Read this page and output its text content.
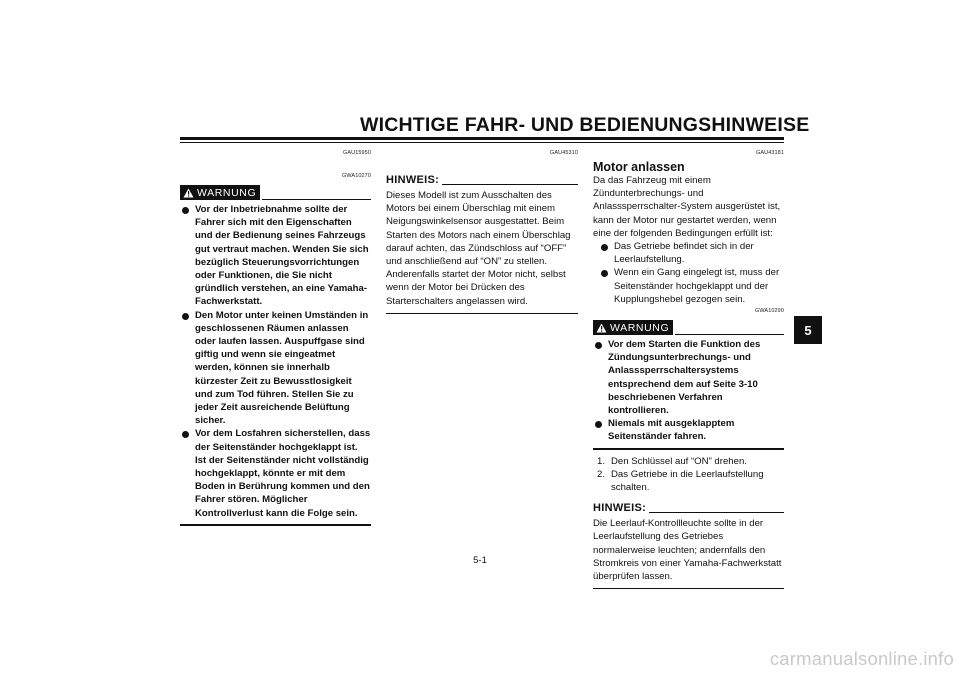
WICHTIGE FAHR- UND BEDIENUNGSHINWEISE
GAU15950
GWA10270
WARNUNG

Vor der Inbetriebnahme sollte der Fahrer sich mit den Eigenschaften und der Bedienung seines Fahrzeugs gut vertraut machen. Wenden Sie sich bezüglich Steuerungsvorrichtungen oder Funktionen, die Sie nicht gründlich verstehen, an eine Yamaha-Fachwerkstatt.

Den Motor unter keinen Umständen in geschlossenen Räumen anlassen oder laufen lassen. Auspuffgase sind giftig und wenn sie eingeatmet werden, können sie innerhalb kürzester Zeit zu Bewusstlosigkeit und zum Tod führen. Stellen Sie zu jeder Zeit ausreichende Belüftung sicher.

Vor dem Losfahren sicherstellen, dass der Seitenständer hochgeklappt ist. Ist der Seitenständer nicht vollständig hochgeklappt, könnte er mit dem Boden in Berührung kommen und den Fahrer stören. Möglicher Kontrollverlust kann die Folge sein.

GAU45310
HINWEIS:

Dieses Modell ist zum Ausschalten des Motors bei einem Überschlag mit einem Neigungswinkelsensor ausgestattet. Beim Starten des Motors nach einem Überschlag darauf achten, das Zündschloss auf “OFF” und anschließend auf “ON” zu stellen. Anderenfalls startet der Motor nicht, selbst wenn der Motor bei Drücken des Starterschalters angelassen wird.

GAU43181
Motor anlassen

Da das Fahrzeug mit einem Zündunterbrechungs- und Anlasssperrschalter-System ausgerüstet ist, kann der Motor nur gestartet werden, wenn eine der folgenden Bedingungen erfüllt ist:

Das Getriebe befindet sich in der Leerlaufstellung.

Wenn ein Gang eingelegt ist, muss der Seitenständer hochgeklappt und der Kupplungshebel gezogen sein.

GWA10290
WARNUNG

Vor dem Starten die Funktion des Zündungsunterbrechungs- und Anlasssperrschaltersystems entsprechend dem auf Seite 3-10 beschriebenen Verfahren kontrollieren.

Niemals mit ausgeklapptem Seitenständer fahren.

1. Den Schlüssel auf “ON” drehen.

2. Das Getriebe in die Leerlaufstellung schalten.

HINWEIS:

Die Leerlauf-Kontrollleuchte sollte in der Leerlaufstellung des Getriebes normalerweise leuchten; andernfalls den Stromkreis von einer Yamaha-Fachwerkstatt überprüfen lassen.

5
5-1
carmanualsonline.info
